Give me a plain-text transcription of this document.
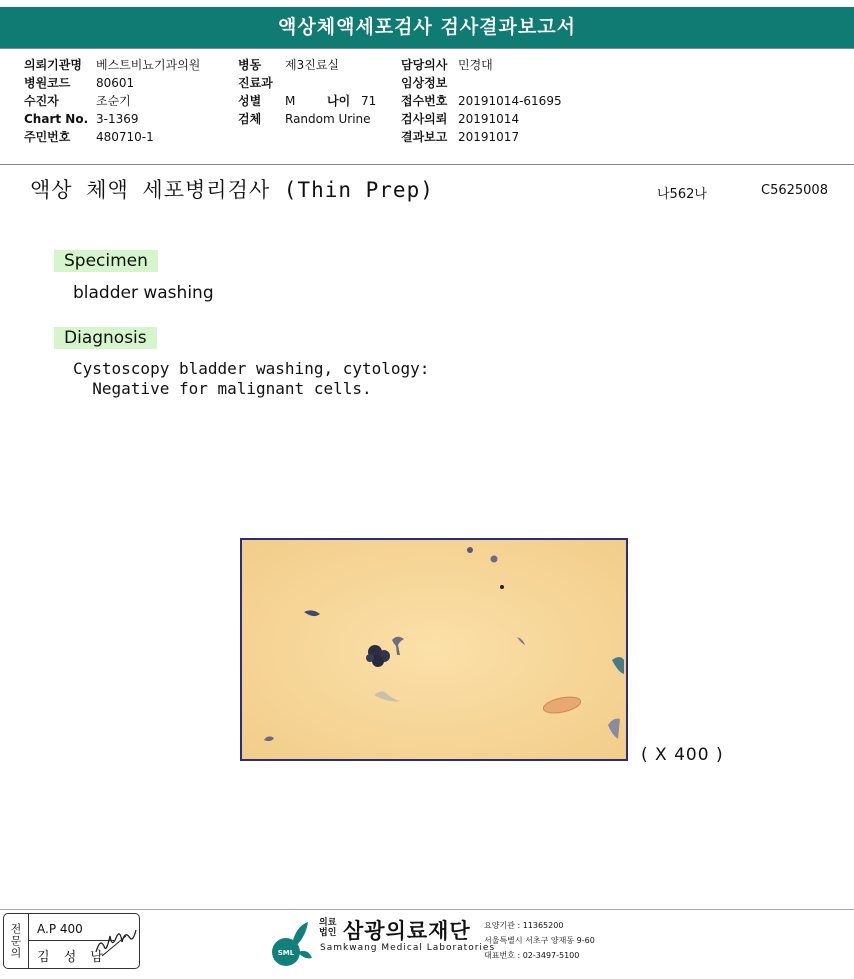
액상체액세포검사 검사결과보고서
의뢰기관명 베스트비뇨기과의원
병원코드 80601
수진자	조순기
Chart No. 3-1369
주민번호 480710-1
병동 제3진료실
진료과
성별 M	나이 71
검체 Random Urine
담당의사 민경대
임상정보
접수번호 20191014-61695
검사의뢰 20191014
결과보고 20191017
액상 체액 세포병리검사 (Thin Prep)	나562나	C5625008
Specimen
bladder washing
Diagnosis
Cystoscopy bladder washing, cytology:
Negative for malignant cells.
( X 400 )
전문의	A.P 400
김 성 남	SML
의료
법인 삼광의료재단
Samkwang Medical Laboratories
요양기관 : 11365200
서울특별시 서초구 양재동 9-60
대표번호 : 02-3497-5100
